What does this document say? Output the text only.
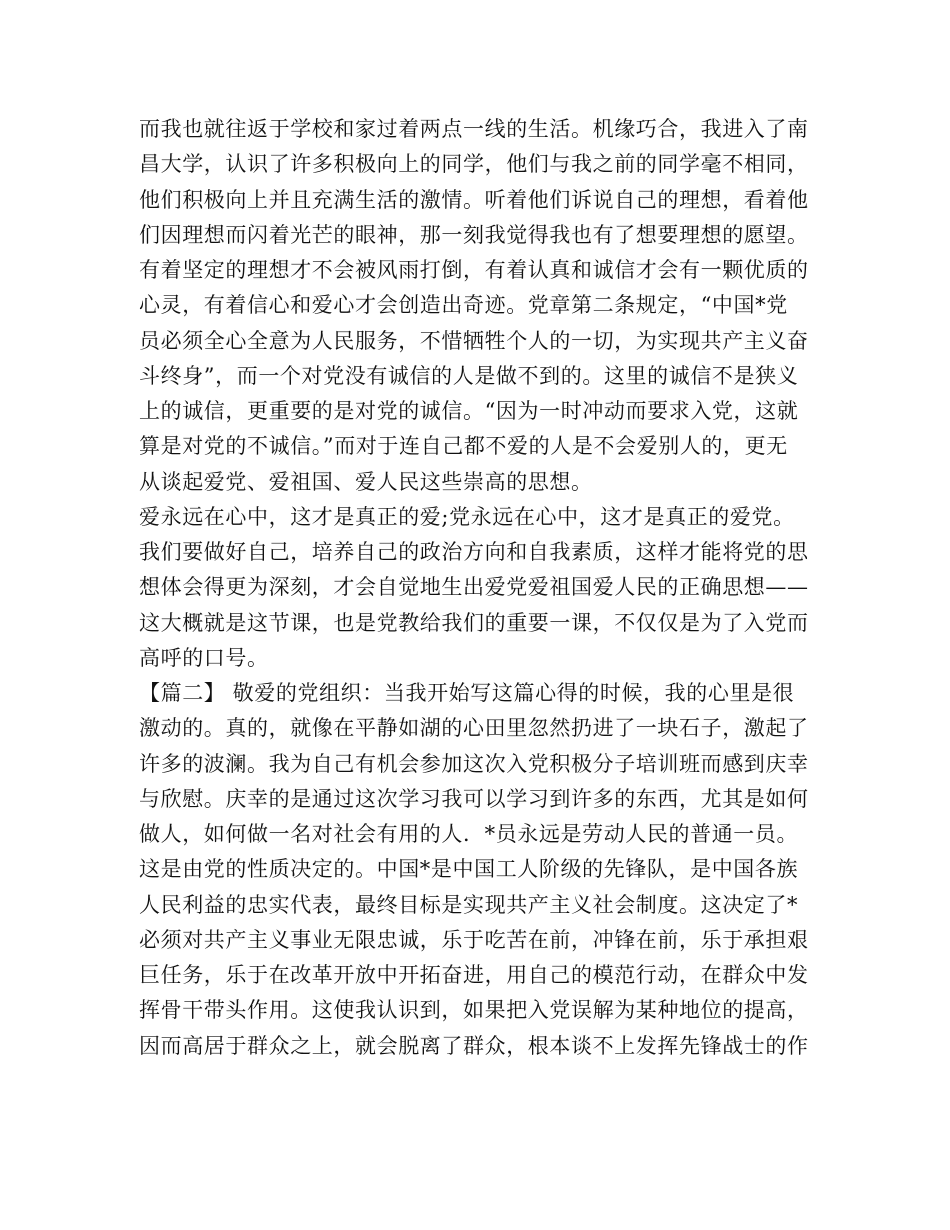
而我也就往返于学校和家过着两点一线的生活。机缘巧合，我进入了南
昌大学，认识了许多积极向上的同学，他们与我之前的同学毫不相同，
他们积极向上并且充满生活的激情。听着他们诉说自己的理想，看着他
们因理想而闪着光芒的眼神，那一刻我觉得我也有了想要理想的愿望。
有着坚定的理想才不会被风雨打倒，有着认真和诚信才会有一颗优质的
心灵，有着信心和爱心才会创造出奇迹。党章第二条规定，“中国*党
员必须全心全意为人民服务，不惜牺牲个人的一切，为实现共产主义奋
斗终身”，而一个对党没有诚信的人是做不到的。这里的诚信不是狭义
上的诚信，更重要的是对党的诚信。“因为一时冲动而要求入党，这就
算是对党的不诚信。”而对于连自己都不爱的人是不会爱别人的，更无
从谈起爱党、爱祖国、爱人民这些崇高的思想。
爱永远在心中，这才是真正的爱;党永远在心中，这才是真正的爱党。
我们要做好自己，培养自己的政治方向和自我素质，这样才能将党的思
想体会得更为深刻，才会自觉地生出爱党爱祖国爱人民的正确思想——
这大概就是这节课，也是党教给我们的重要一课，不仅仅是为了入党而
高呼的口号。
【篇二】 敬爱的党组织：当我开始写这篇心得的时候，我的心里是很
激动的。真的，就像在平静如湖的心田里忽然扔进了一块石子，激起了
许多的波澜。我为自己有机会参加这次入党积极分子培训班而感到庆幸
与欣慰。庆幸的是通过这次学习我可以学习到许多的东西，尤其是如何
做人，如何做一名对社会有用的人．*员永远是劳动人民的普通一员。
这是由党的性质决定的。中国*是中国工人阶级的先锋队，是中国各族
人民利益的忠实代表，最终目标是实现共产主义社会制度。这决定了*
必须对共产主义事业无限忠诚，乐于吃苦在前，冲锋在前，乐于承担艰
巨任务，乐于在改革开放中开拓奋进，用自己的模范行动，在群众中发
挥骨干带头作用。这使我认识到，如果把入党误解为某种地位的提高，
因而高居于群众之上，就会脱离了群众，根本谈不上发挥先锋战士的作
